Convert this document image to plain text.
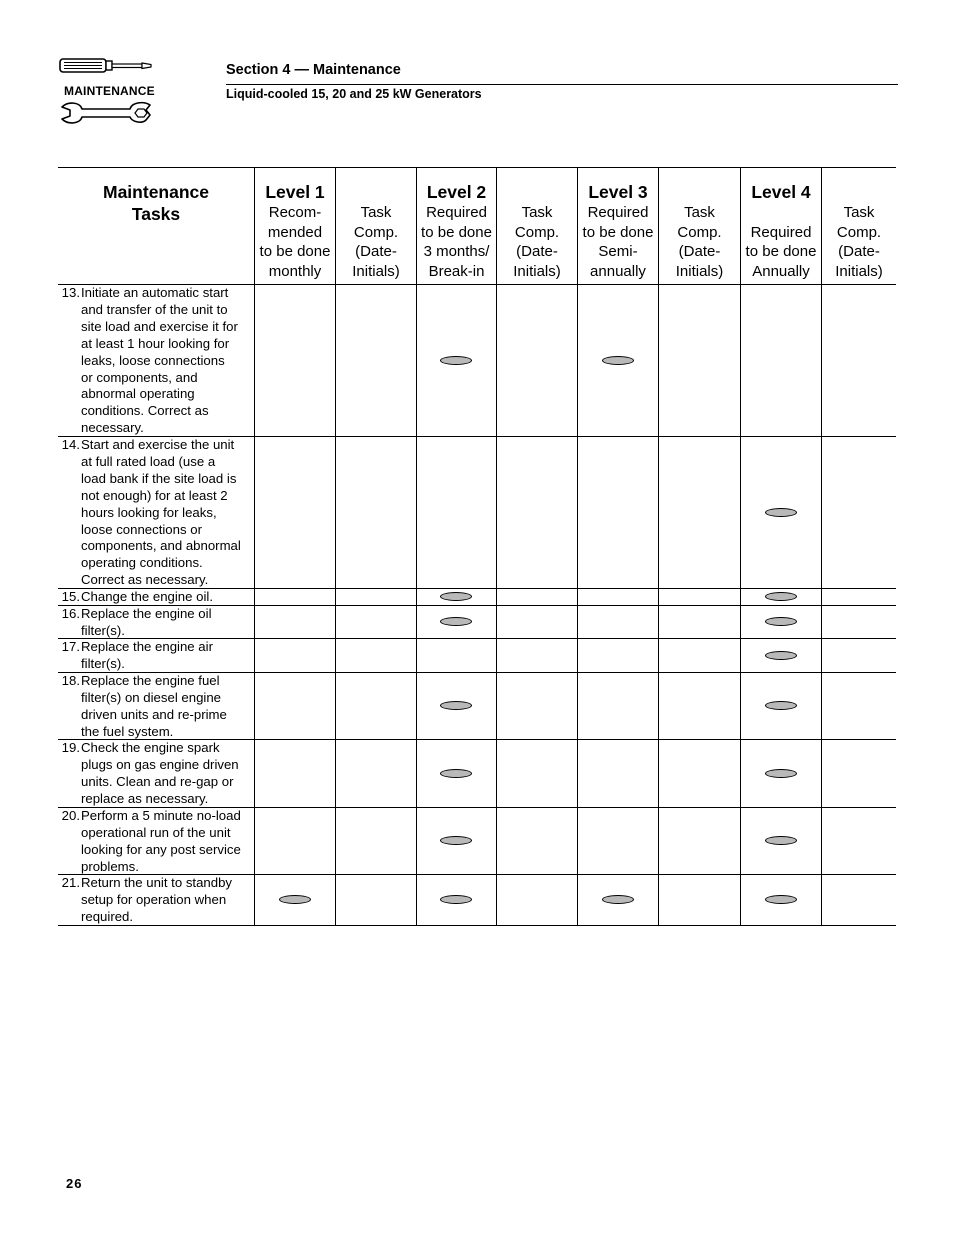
MAINTENANCE
Section 4 — Maintenance
Liquid-cooled 15, 20 and 25 kW Generators
Maintenance
Tasks
Level 1
Recom-
mended
to be done
monthly

Task
Comp.
(Date-
Initials)
Level 2
Required
to be done
3 months/
Break-in

Task
Comp.
(Date-
Initials)
Level 3
Required
to be done
Semi-
annually

Task
Comp.
(Date-
Initials)
Level 4

Required
to be done
Annually

Task
Comp.
(Date-
Initials)
13. Initiate an automatic start
and transfer of the unit to
site load and exercise it for
at least 1 hour looking for
leaks, loose connections
or components, and
abnormal operating
conditions. Correct as
necessary.
14. Start and exercise the unit
at full rated load (use a
load bank if the site load is
not enough) for at least 2
hours looking for leaks,
loose connections or
components, and abnormal
operating conditions.
Correct as necessary.
15. Change the engine oil.
16. Replace the engine oil
filter(s).
17. Replace the engine air
filter(s).
18. Replace the engine fuel
filter(s) on diesel engine
driven units and re-prime
the fuel system.
19. Check the engine spark
plugs on gas engine driven
units. Clean and re-gap or
replace as necessary.
20. Perform a 5 minute no-load
operational run of the unit
looking for any post service
problems.
21. Return the unit to standby
setup for operation when
required.
26
